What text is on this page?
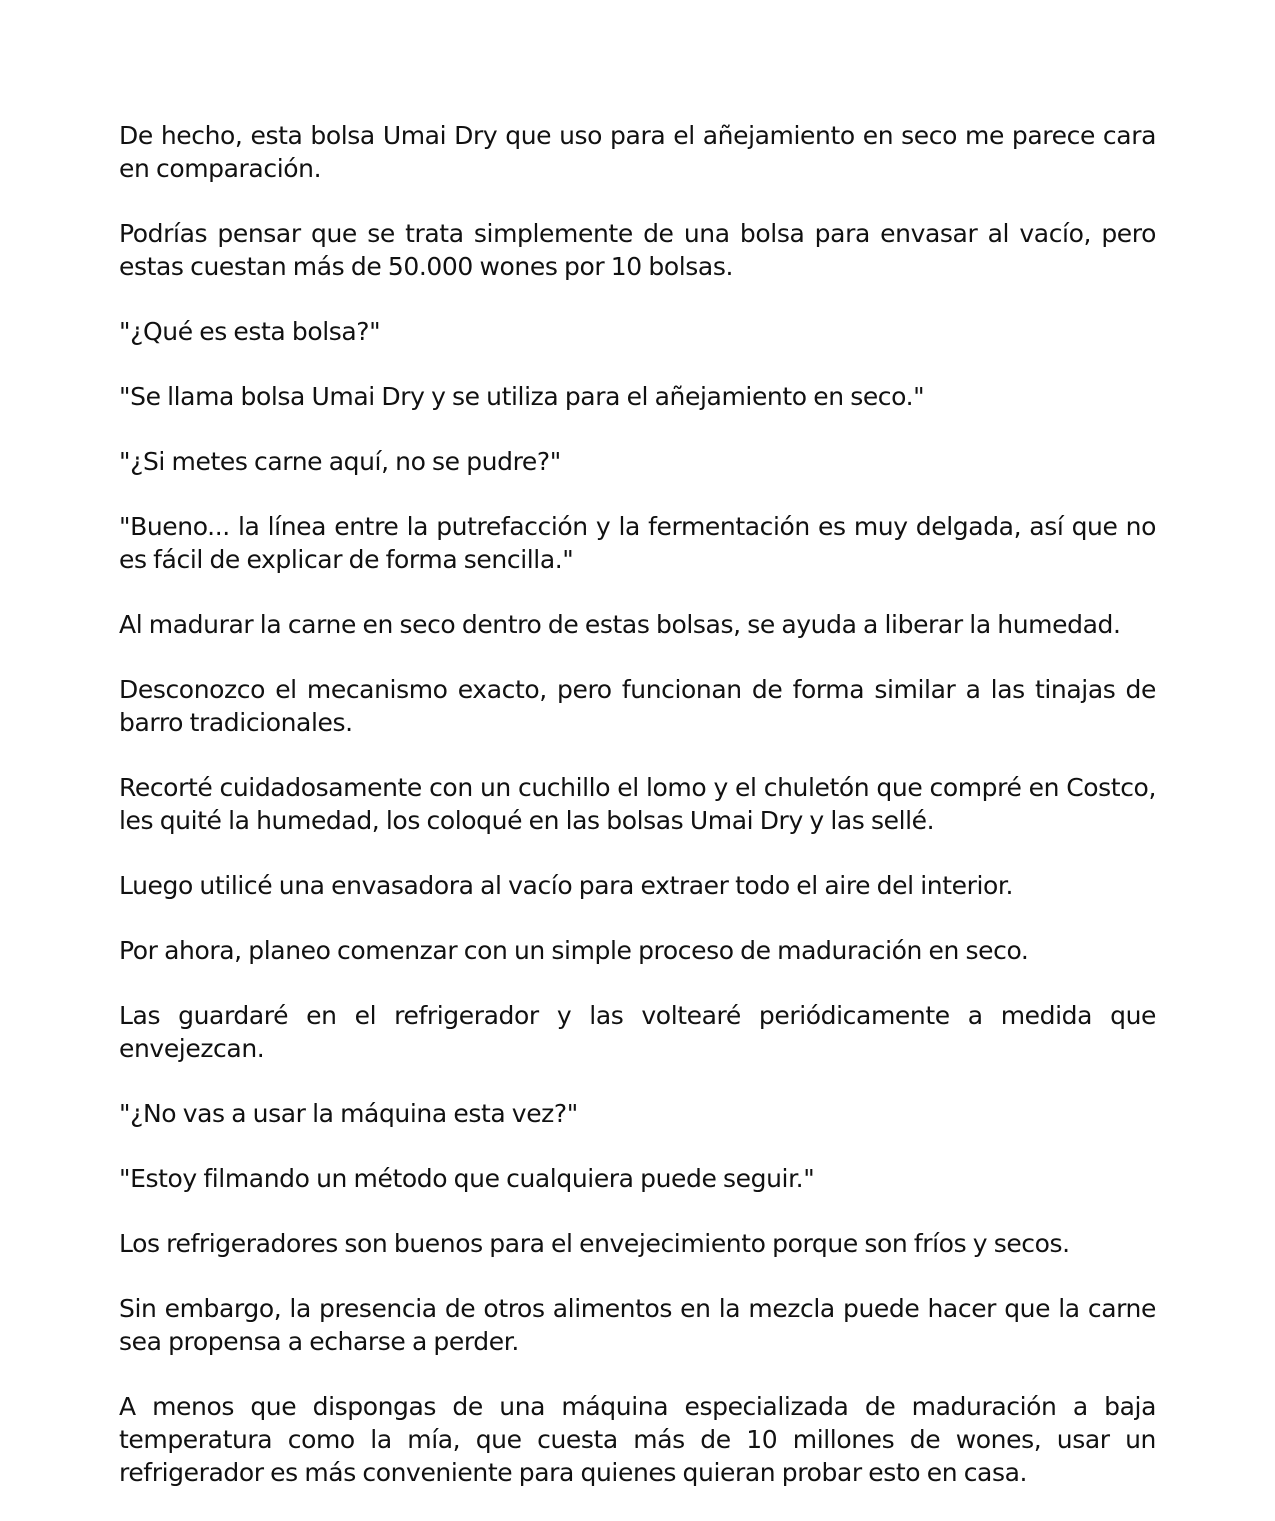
De hecho, esta bolsa Umai Dry que uso para el añejamiento en seco me parece cara en comparación.

Podrías pensar que se trata simplemente de una bolsa para envasar al vacío, pero estas cuestan más de 50.000 wones por 10 bolsas.

"¿Qué es esta bolsa?"

"Se llama bolsa Umai Dry y se utiliza para el añejamiento en seco."

"¿Si metes carne aquí, no se pudre?"

"Bueno... la línea entre la putrefacción y la fermentación es muy delgada, así que no es fácil de explicar de forma sencilla."

Al madurar la carne en seco dentro de estas bolsas, se ayuda a liberar la humedad.

Desconozco el mecanismo exacto, pero funcionan de forma similar a las tinajas de barro tradicionales.

Recorté cuidadosamente con un cuchillo el lomo y el chuletón que compré en Costco, les quité la humedad, los coloqué en las bolsas Umai Dry y las sellé.

Luego utilicé una envasadora al vacío para extraer todo el aire del interior.

Por ahora, planeo comenzar con un simple proceso de maduración en seco.

Las guardaré en el refrigerador y las voltearé periódicamente a medida que envejezcan.

"¿No vas a usar la máquina esta vez?"

"Estoy filmando un método que cualquiera puede seguir."

Los refrigeradores son buenos para el envejecimiento porque son fríos y secos.

Sin embargo, la presencia de otros alimentos en la mezcla puede hacer que la carne sea propensa a echarse a perder.

A menos que dispongas de una máquina especializada de maduración a baja temperatura como la mía, que cuesta más de 10 millones de wones, usar un refrigerador es más conveniente para quienes quieran probar esto en casa.
